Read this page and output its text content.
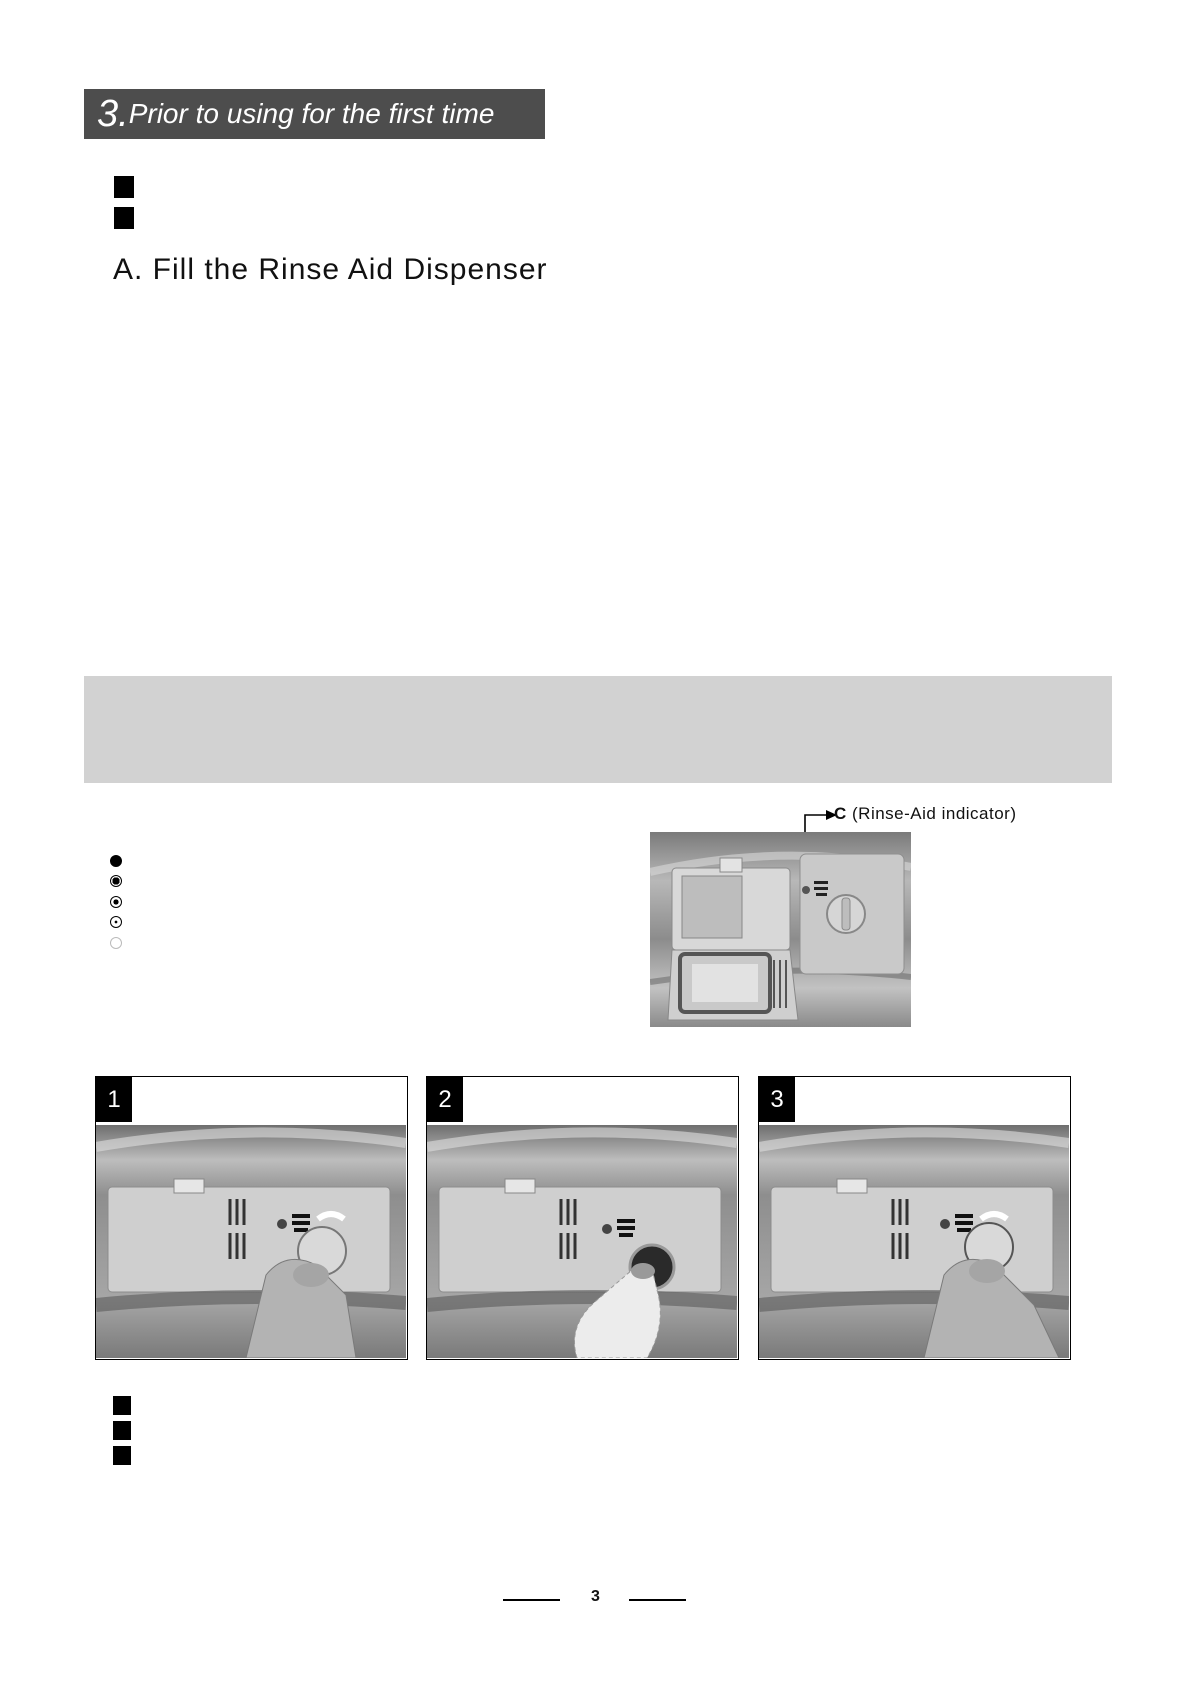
3. Prior to using for the first time
A. Fill the Rinse Aid Dispenser
C (Rinse-Aid indicator)
1	2	3
3
